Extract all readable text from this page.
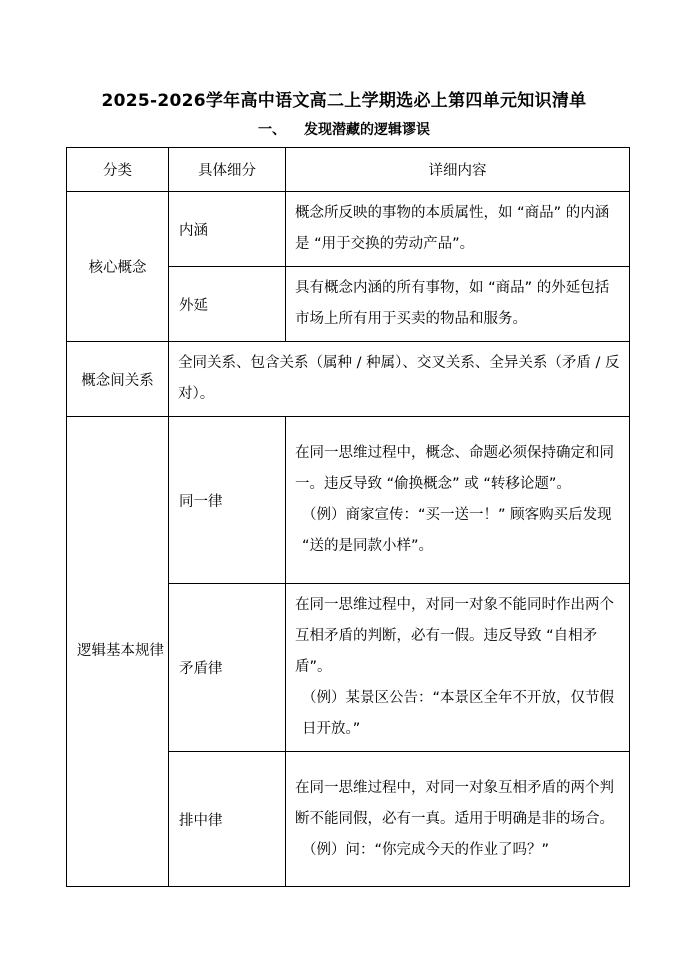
2025-2026学年高中语文高二上学期选必上第四单元知识清单
一、 发现潜藏的逻辑谬误
分类	具体细分	详细内容
核心概念	内涵	概念所反映的事物的本质属性，如 “商品” 的内涵是 “用于交换的劳动产品”。
	外延	具有概念内涵的所有事物，如 “商品” 的外延包括市场上所有用于买卖的物品和服务。
概念间关系	全同关系、包含关系（属种 / 种属）、交叉关系、全异关系（矛盾 / 反对）。	
逻辑基本规律	同一律	在同一思维过程中，概念、命题必须保持确定和同一。违反导致 “偷换概念” 或 “转移论题”。
（例）商家宣传：“买一送一！” 顾客购买后发现 “送的是同款小样”。

	矛盾律	在同一思维过程中，对同一对象不能同时作出两个互相矛盾的判断，必有一假。违反导致 “自相矛盾”。
（例）某景区公告：“本景区全年不开放，仅节假日开放。”

	排中律	在同一思维过程中，对同一对象互相矛盾的两个判断不能同假，必有一真。适用于明确是非的场合。
（例）问：“你完成今天的作业了吗？”
